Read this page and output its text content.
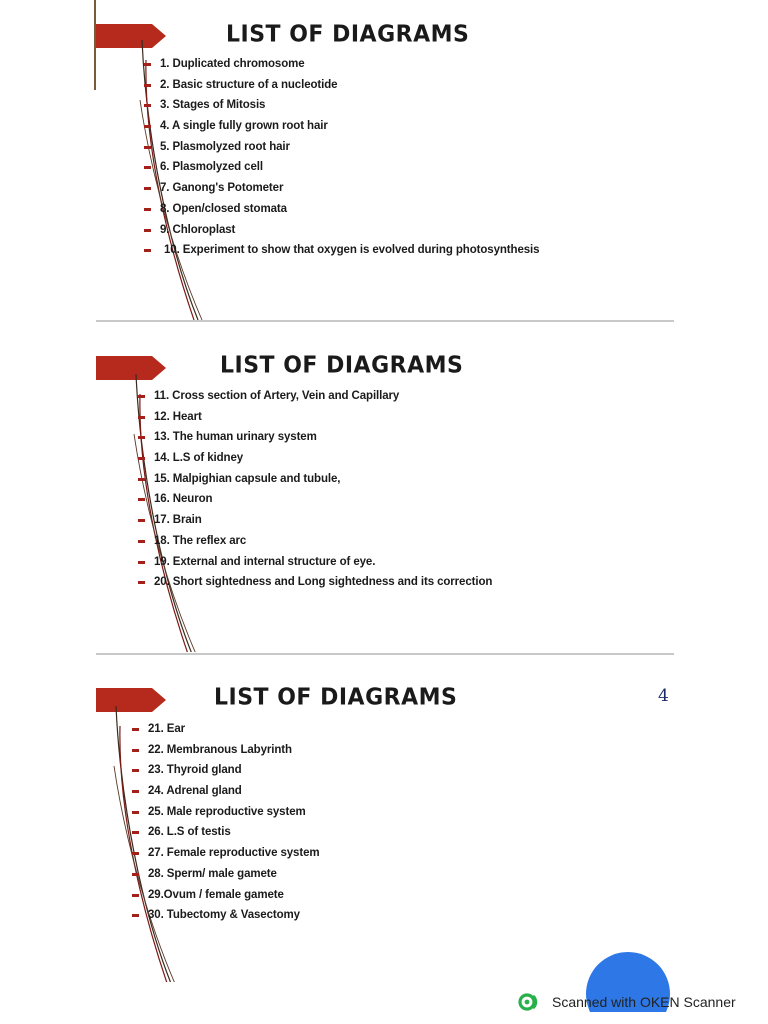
LIST OF DIAGRAMS
1. Duplicated chromosome
2. Basic structure of a nucleotide
3. Stages of Mitosis
4. A single fully grown root hair
5. Plasmolyzed root hair
6. Plasmolyzed cell
7. Ganong's Potometer
8. Open/closed stomata
9. Chloroplast
10. Experiment to show that oxygen is evolved during photosynthesis
LIST OF DIAGRAMS
11. Cross section of Artery, Vein and Capillary
12. Heart
13. The human urinary system
14. L.S of kidney
15. Malpighian capsule and tubule,
16. Neuron
17. Brain
18. The reflex arc
19. External and internal structure of eye.
20. Short sightedness and Long sightedness and its correction
LIST OF DIAGRAMS
21. Ear
22. Membranous Labyrinth
23. Thyroid gland
24. Adrenal gland
25. Male reproductive system
26. L.S of testis
27. Female reproductive system
28. Sperm/ male gamete
29.Ovum / female gamete
30. Tubectomy & Vasectomy
4
Scanned with OKEN Scanner
